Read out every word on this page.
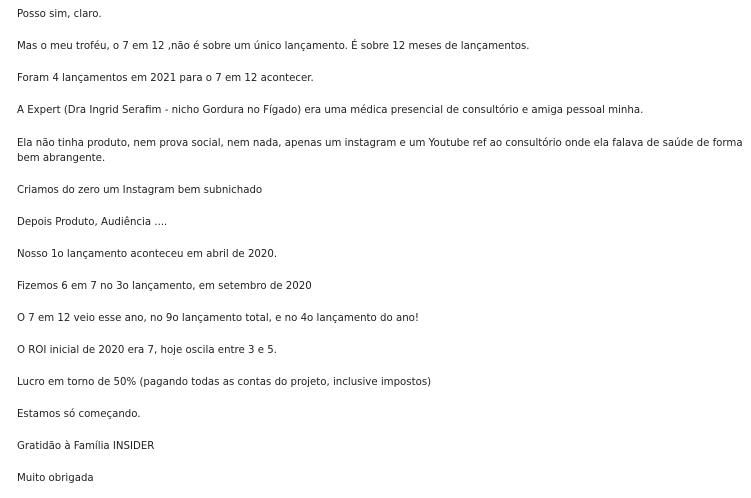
Posso sim, claro.

Mas o meu troféu, o 7 em 12 ,não é sobre um único lançamento. É sobre 12 meses de lançamentos.

Foram 4 lançamentos em 2021 para o 7 em 12 acontecer.

A Expert (Dra Ingrid Serafim - nicho Gordura no Fígado) era uma médica presencial de consultório e amiga pessoal minha.

Ela não tinha produto, nem prova social, nem nada, apenas um instagram e um Youtube ref ao consultório onde ela falava de saúde de forma bem abrangente.

Criamos do zero um Instagram bem subnichado

Depois Produto, Audiência ....

Nosso 1o lançamento aconteceu em abril de 2020.

Fizemos 6 em 7 no 3o lançamento, em setembro de 2020

O 7 em 12 veio esse ano, no 9o lançamento total, e no 4o lançamento do ano!

O ROI inicial de 2020 era 7, hoje oscila entre 3 e 5.

Lucro em torno de 50% (pagando todas as contas do projeto, inclusive impostos)

Estamos só começando.

Gratidão à Família INSIDER

Muito obrigada
